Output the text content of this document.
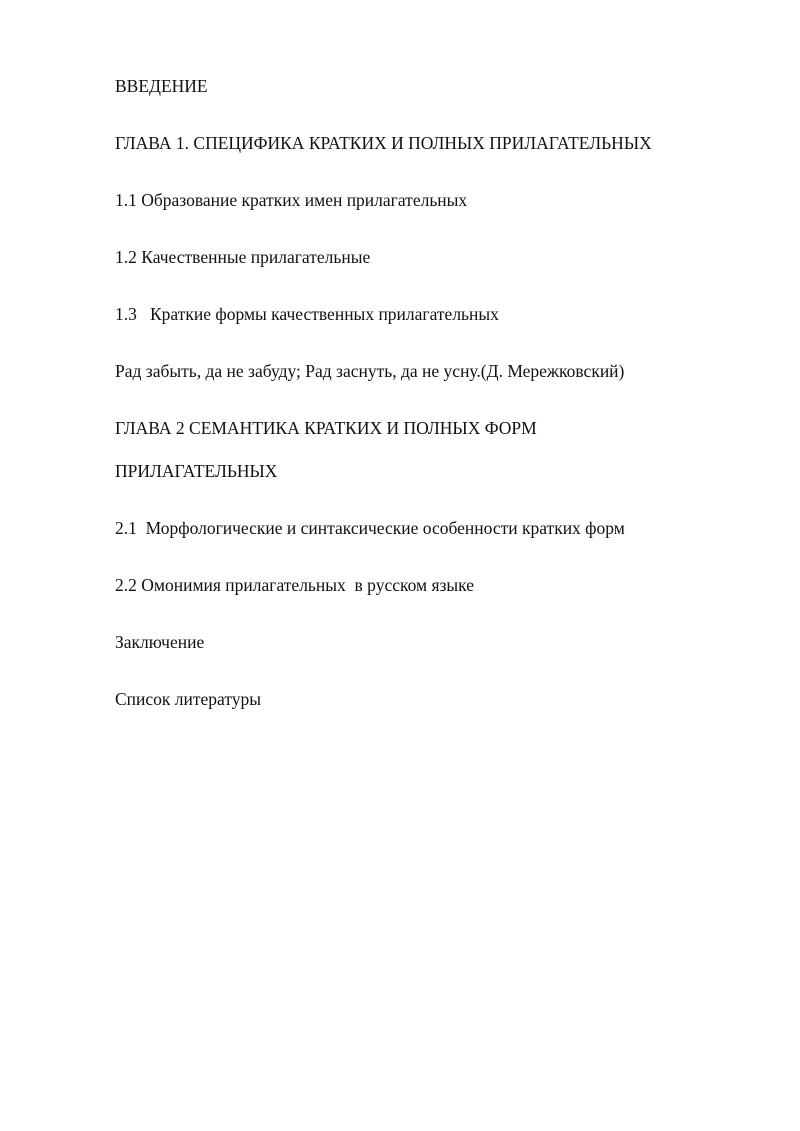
ВВЕДЕНИЕ
ГЛАВА 1. СПЕЦИФИКА КРАТКИХ И ПОЛНЫХ ПРИЛАГАТЕЛЬНЫХ
1.1 Образование кратких имен прилагательных
1.2 Качественные прилагательные
1.3   Краткие формы качественных прилагательных
Рад забыть, да не забуду; Рад заснуть, да не усну.(Д. Мережковский)
ГЛАВА 2 СЕМАНТИКА КРАТКИХ И ПОЛНЫХ ФОРМ
ПРИЛАГАТЕЛЬНЫХ
2.1  Морфологические и синтаксические особенности кратких форм
2.2 Омонимия прилагательных  в русском языке
Заключение
Список литературы
